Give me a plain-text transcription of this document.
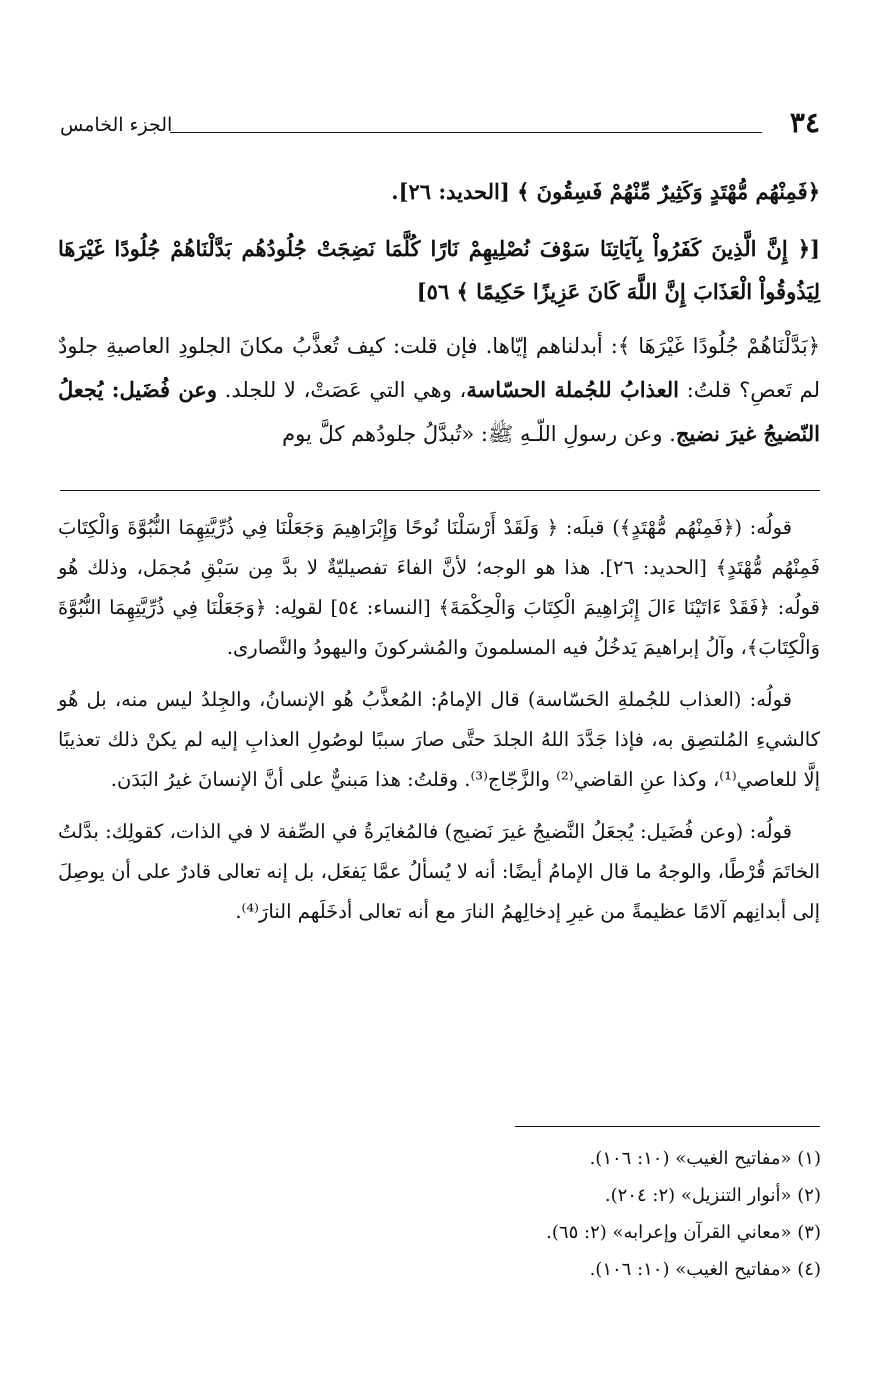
٣٤
الجزء الخامس

﴿فَمِنْهُم مُّهْتَدٍ وَكَثِيرٌ مِّنْهُمْ فَسِقُونَ ﴾ [الحديد: ٢٦].

[﴿ إِنَّ الَّذِينَ كَفَرُواْ بِآيَاتِنَا سَوْفَ نُصْلِيهِمْ نَارًا كُلَّمَا نَضِجَتْ جُلُودُهُم بَدَّلْنَاهُمْ جُلُودًا غَيْرَهَا لِيَذُوقُواْ الْعَذَابَ إِنَّ اللَّهَ كَانَ عَزِيزًا حَكِيمًا ﴾ ٥٦]

﴿بَدَّلْنَاهُمْ جُلُودًا غَيْرَهَا ﴾: أبدلناهم إيّاها. فإن قلت: كيف تُعذَّبُ مكانَ الجلودِ العاصيةِ جلودٌ لم تَعصِ؟ قلتُ: العذابُ للجُملة الحسّاسة، وهي التي عَصَتْ، لا للجلد. وعن فُضَيل: يُجعلُ النّضيجُ غيرَ نضيج. وعن رسولِ اللّـهِ ﷺ: «تُبدَّلُ جلودُهم كلَّ يوم

قولُه: (﴿فَمِنْهُم مُّهْتَدٍ﴾) قبلَه: ﴿ وَلَقَدْ أَرْسَلْنَا نُوحًا وَإِبْرَاهِيمَ وَجَعَلْنَا فِي ذُرِّيَّتِهِمَا النُّبُوَّةَ وَالْكِتَابَ فَمِنْهُم مُّهْتَدٍ﴾ [الحديد: ٢٦]. هذا هو الوجه؛ لأنَّ الفاءَ تفصيليّةٌ لا بدَّ مِن سَبْقِ مُجمَل، وذلك هُو قولُه: ﴿فَقَدْ ءَاتَيْنَا ءَالَ إِبْرَاهِيمَ الْكِتَابَ وَالْحِكْمَةَ﴾ [النساء: ٥٤] لقولِه: ﴿وَجَعَلْنَا فِي ذُرِّيَّتِهِمَا النُّبُوَّةَ وَالْكِتَابَ﴾، وآلُ إبراهيمَ يَدخُلُ فيه المسلمونَ والمُشركونَ واليهودُ والنَّصارى.

قولُه: (العذاب للجُملةِ الحَسّاسة) قال الإمامُ: المُعذَّبُ هُو الإنسانُ، والجِلدُ ليس منه، بل هُو كالشيءِ المُلتصِق به، فإذا جَدَّدَ اللهُ الجلدَ حتَّى صارَ سببًا لوصُولِ العذابِ إليه لم يكنْ ذلك تعذيبًا إلَّا للعاصي⁽¹⁾، وكذا عنِ القاضي⁽²⁾ والزَّجّاج⁽³⁾. وقلتُ: هذا مَبنيٌّ على أنَّ الإنسانَ غيرُ البَدَن.

قولُه: (وعن فُضَيل: يُجعَلُ النَّضيجُ غيرَ نَضيج) فالمُغايَرةُ في الصِّفة لا في الذات، كقولِك: بدَّلتُ الخاتَمَ قُرْطًا، والوجهُ ما قال الإمامُ أيضًا: أنه لا يُسألُ عمَّا يَفعَل، بل إنه تعالى قادرٌ على أن يوصِلَ إلى أبدانِهم آلامًا عظيمةً من غيرِ إدخالِهمُ النارَ مع أنه تعالى أدخَلَهم النارَ⁽⁴⁾.

(١) «مفاتيح الغيب» (١٠: ١٠٦).

(٢) «أنوار التنزيل» (٢: ٢٠٤).

(٣) «معاني القرآن وإعرابه» (٢: ٦٥).

(٤) «مفاتيح الغيب» (١٠: ١٠٦).
